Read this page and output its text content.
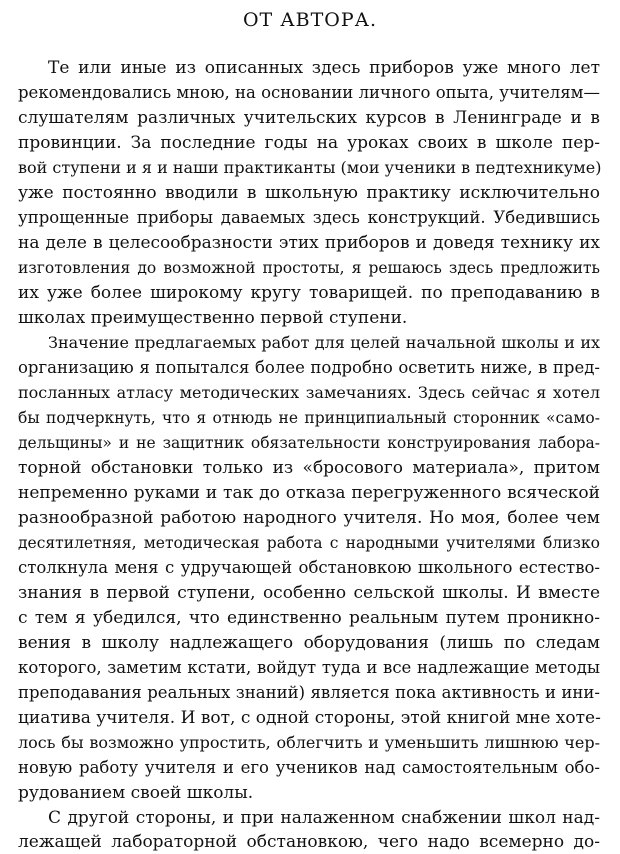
ОТ АВТОРА.
Те или иные из описанных здесь приборов уже много лет
рекомендовались мною, на основании личного опыта, учителям—
слушателям различных учительских курсов в Ленинграде и в
провинции. За последние годы на уроках своих в школе пер-
вой ступени и я и наши практиканты (мои ученики в педтехникуме)
уже постоянно вводили в школьную практику исключительно
упрощенные приборы даваемых здесь конструкций. Убедившись
на деле в целесообразности этих приборов и доведя технику их
изготовления до возможной простоты, я решаюсь здесь предложить
их уже более широкому кругу товарищей. по преподаванию в
школах преимущественно первой ступени.
Значение предлагаемых работ для целей начальной школы и их
организацию я попытался более подробно осветить ниже, в пред-
посланных атласу методических замечаниях. Здесь сейчас я хотел
бы подчеркнуть, что я отнюдь не принципиальный сторонник «само-
дельщины» и не защитник обязательности конструирования лабора-
торной обстановки только из «бросового материала», притом
непременно руками и так до отказа перегруженного всяческой
разнообразной работою народного учителя. Но моя, более чем
десятилетняя, методическая работа с народными учителями близко
столкнула меня с удручающей обстановкою школьного естество-
знания в первой ступени, особенно сельской школы. И вместе
с тем я убедился, что единственно реальным путем проникно-
вения в школу надлежащего оборудования (лишь по следам
которого, заметим кстати, войдут туда и все надлежащие методы
преподавания реальных знаний) является пока активность и ини-
циатива учителя. И вот, с одной стороны, этой книгой мне хоте-
лось бы возможно упростить, облегчить и уменьшить лишнюю чер-
новую работу учителя и его учеников над самостоятельным обо-
рудованием своей школы.
С другой стороны, и при налаженном снабжении школ над-
лежащей лабораторной обстановкою, чего надо всемерно до-
